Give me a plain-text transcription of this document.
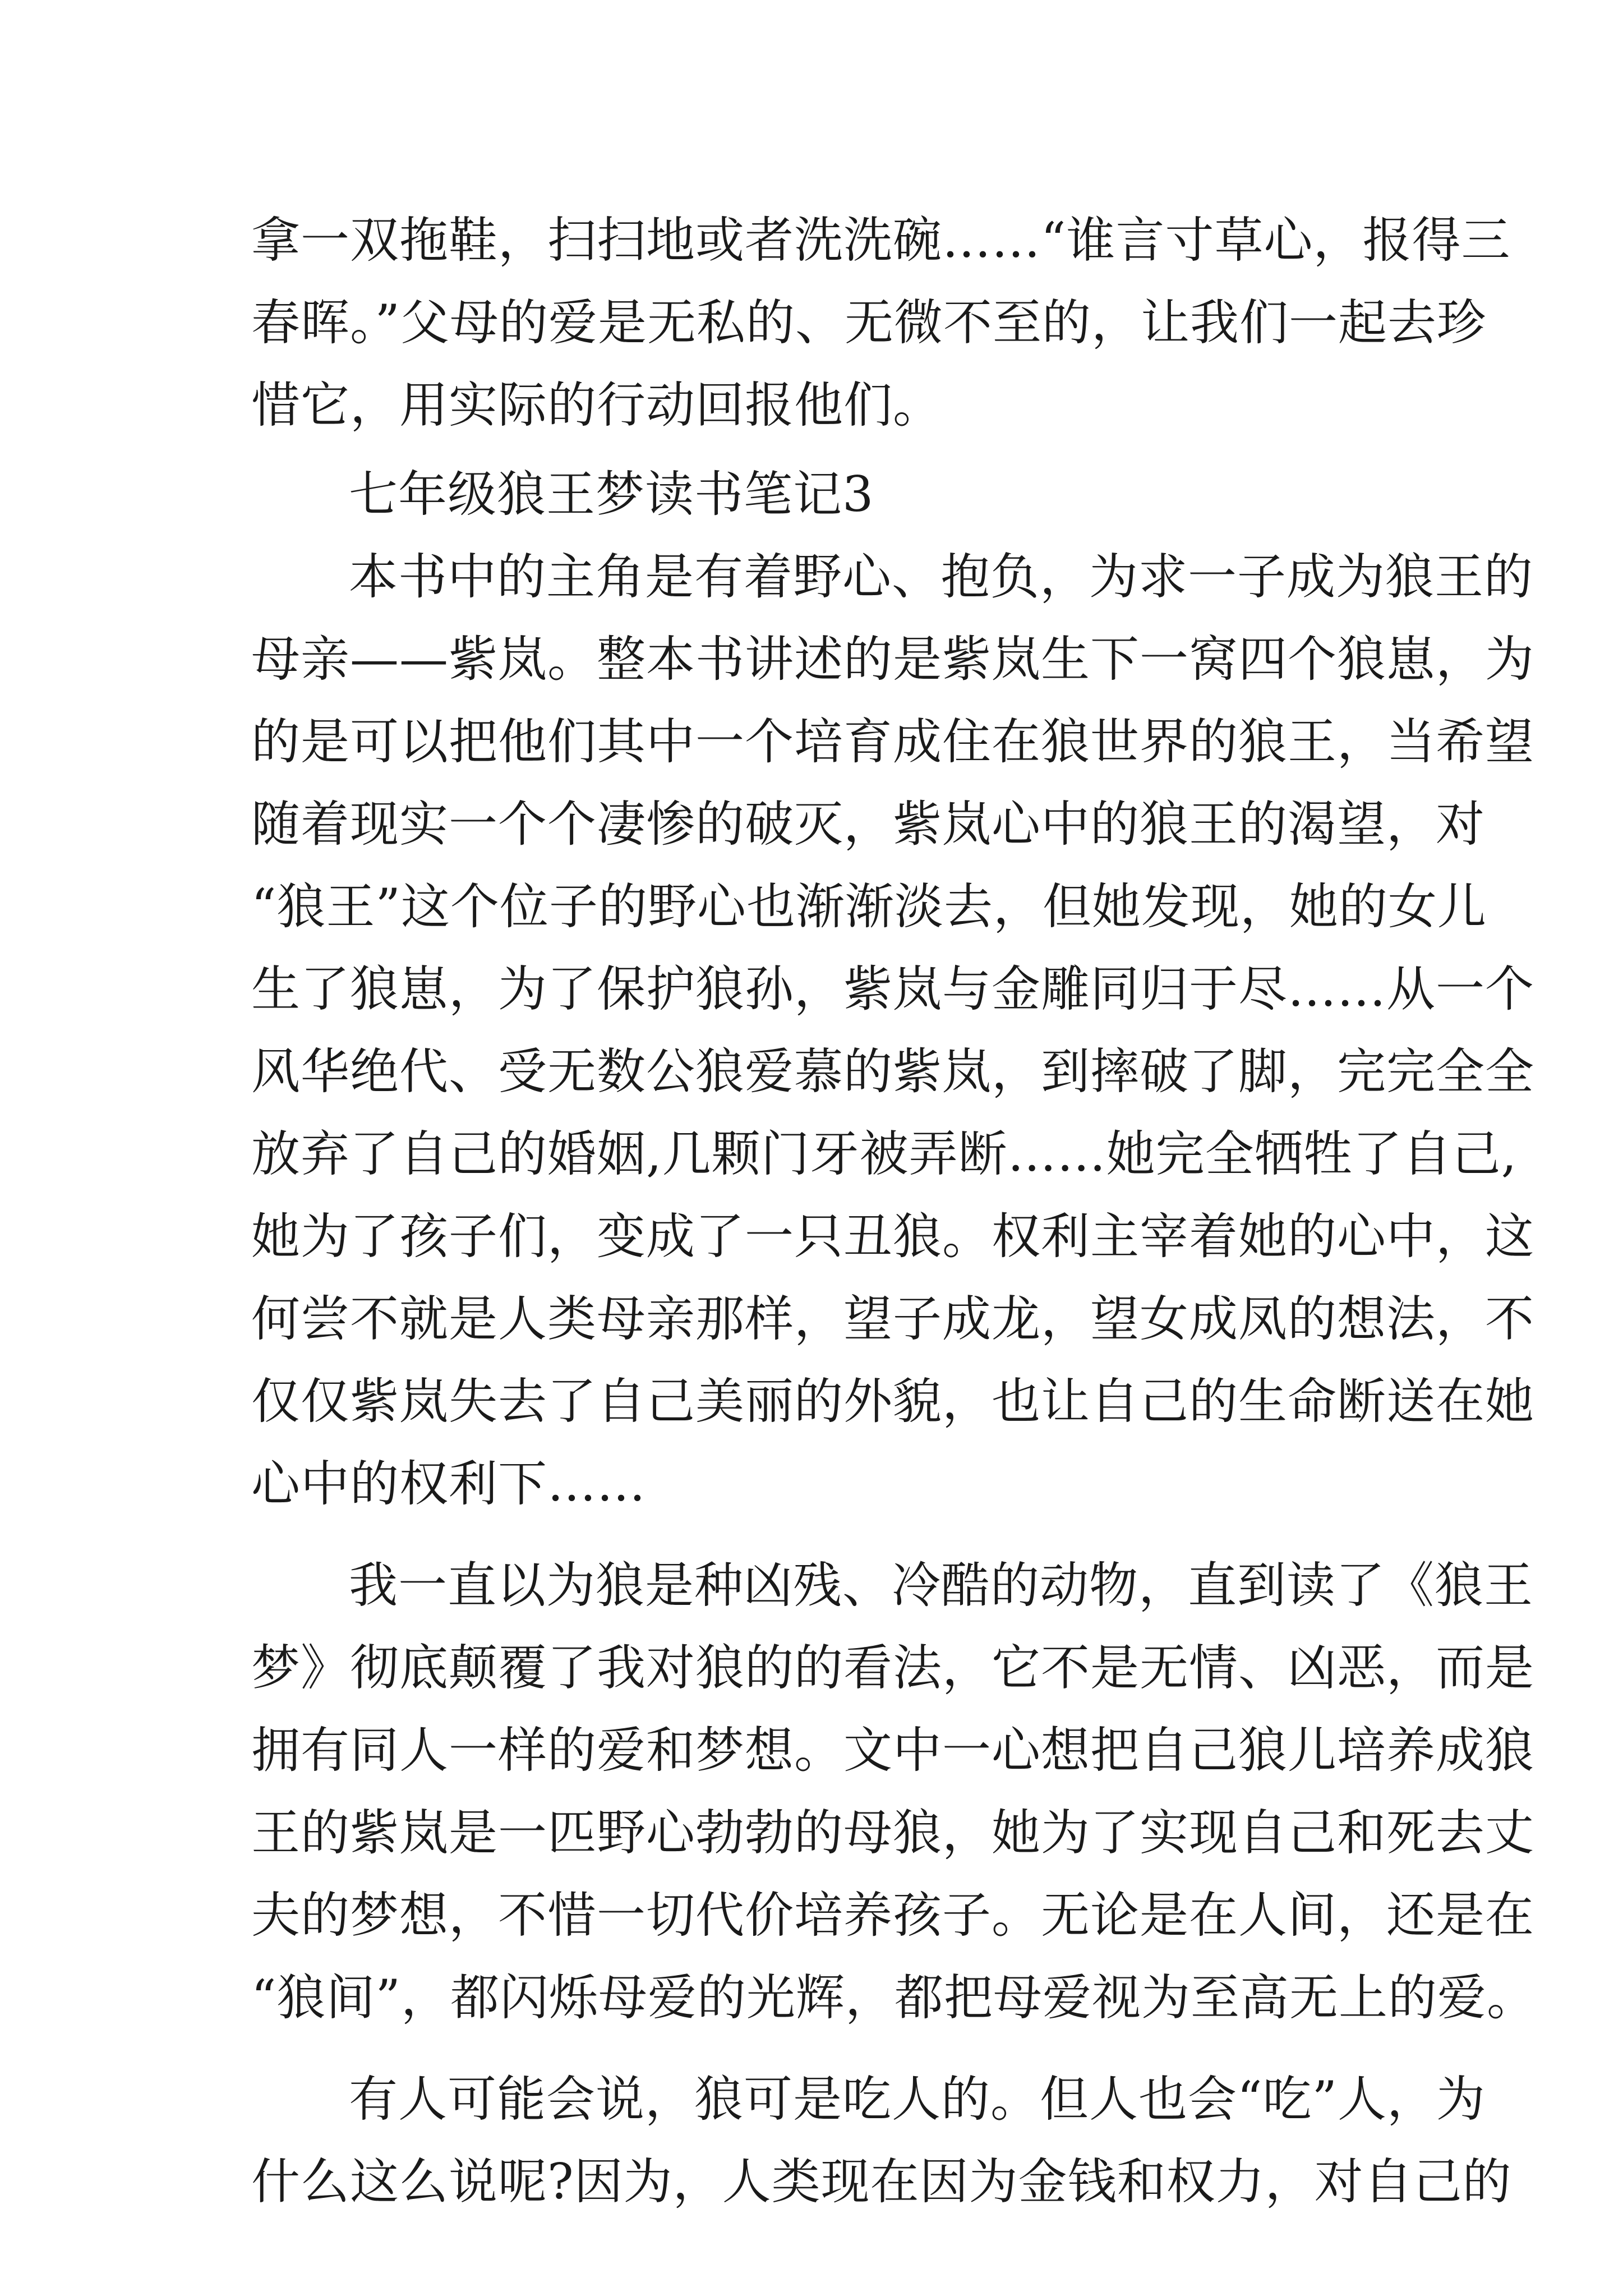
拿一双拖鞋，扫扫地或者洗洗碗……“谁言寸草心，报得三
春晖。”父母的爱是无私的、无微不至的，让我们一起去珍
惜它，用实际的行动回报他们。
七年级狼王梦读书笔记3
本书中的主角是有着野心、抱负，为求一子成为狼王的
母亲——紫岚。整本书讲述的是紫岚生下一窝四个狼崽，为
的是可以把他们其中一个培育成住在狼世界的狼王，当希望
随着现实一个个凄惨的破灭，紫岚心中的狼王的渴望，对
“狼王”这个位子的野心也渐渐淡去，但她发现，她的女儿
生了狼崽，为了保护狼孙，紫岚与金雕同归于尽……从一个
风华绝代、受无数公狼爱慕的紫岚，到摔破了脚，完完全全
放弃了自己的婚姻,几颗门牙被弄断……她完全牺牲了自己,
她为了孩子们，变成了一只丑狼。权利主宰着她的心中，这
何尝不就是人类母亲那样，望子成龙，望女成凤的想法，不
仅仅紫岚失去了自己美丽的外貌，也让自己的生命断送在她
心中的权利下……
我一直以为狼是种凶残、冷酷的动物，直到读了《狼王
梦》彻底颠覆了我对狼的的看法，它不是无情、凶恶，而是
拥有同人一样的爱和梦想。文中一心想把自己狼儿培养成狼
王的紫岚是一匹野心勃勃的母狼，她为了实现自己和死去丈
夫的梦想，不惜一切代价培养孩子。无论是在人间，还是在
“狼间”，都闪烁母爱的光辉，都把母爱视为至高无上的爱。
有人可能会说，狼可是吃人的。但人也会“吃”人，为
什么这么说呢?因为，人类现在因为金钱和权力，对自己的
